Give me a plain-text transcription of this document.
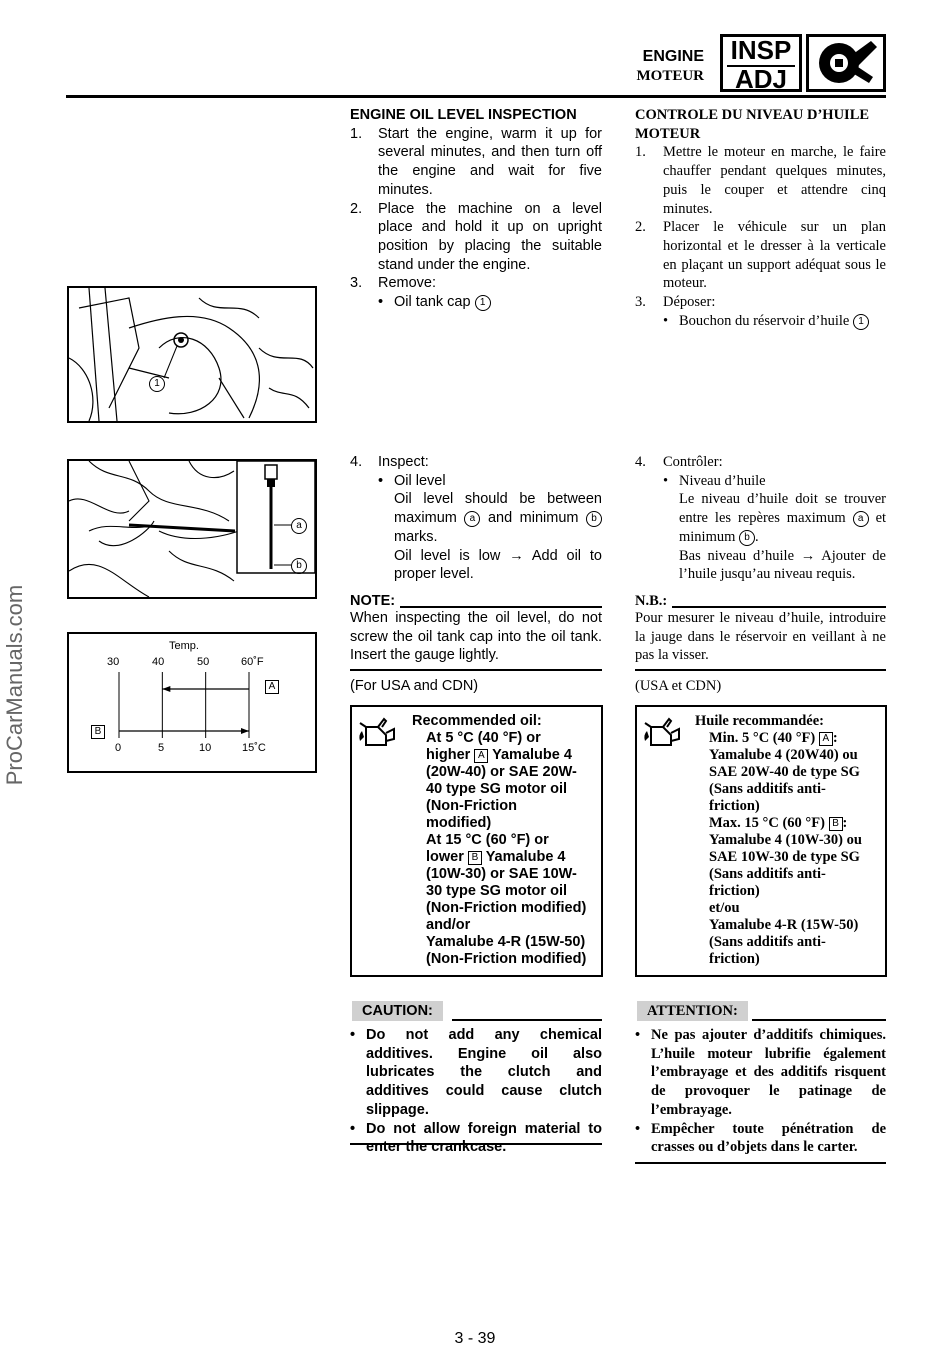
ENGINE
MOTEUR
INSP
ADJ
ProCarManuals.com
1
a
b
Temp.
30	40	50	60˚F
0	5	10	15˚C
A
B
ENGINE OIL LEVEL INSPECTION
1. Start the engine, warm it up for several minutes, and then turn off the engine and wait for five minutes.
2. Place the machine on a level place and hold it up on upright position by placing the suitable stand under the engine.
3. Remove:
• Oil tank cap 1
4. Inspect:
• Oil level
Oil level should be between maximum a and minimum b marks.
Oil level is low → Add oil to proper level.
NOTE:
When inspecting the oil level, do not screw the oil tank cap into the oil tank. Insert the gauge lightly.
(For USA and CDN)
Recommended oil:
At 5 °C (40 °F) or
higher A Yamalube 4
(20W-40) or SAE 20W-
40 type SG motor oil
(Non-Friction
modified)
At 15 °C (60 °F) or
lower B Yamalube 4
(10W-30) or SAE 10W-
30 type SG motor oil
(Non-Friction modified)
and/or
Yamalube 4-R (15W-50)
(Non-Friction modified)
CAUTION:
• Do not add any chemical additives. Engine oil also lubricates the clutch and additives could cause clutch slippage.
• Do not allow foreign material to enter the crankcase.
CONTROLE DU NIVEAU D’HUILE
MOTEUR
1. Mettre le moteur en marche, le faire chauffer pendant quelques minutes, puis le couper et attendre cinq minutes.
2. Placer le véhicule sur un plan horizontal et le dresser à la verticale en plaçant un support adéquat sous le moteur.
3. Déposer:
• Bouchon du réservoir d’huile 1
4. Contrôler:
• Niveau d’huile
Le niveau d’huile doit se trouver entre les repères maximum a et minimum b .
Bas niveau d’huile → Ajouter de l’huile jusqu’au niveau requis.
N.B.:
Pour mesurer le niveau d’huile, introduire la jauge dans le réservoir en veillant à ne pas la visser.
(USA et CDN)
Huile recommandée:
Min. 5 °C (40 °F) A :
Yamalube 4 (20W40) ou
SAE 20W-40 de type SG
(Sans additifs anti-
friction)
Max. 15 °C (60 °F) B :
Yamalube 4 (10W-30) ou
SAE 10W-30 de type SG
(Sans additifs anti-
friction)
et/ou
Yamalube 4-R (15W-50)
(Sans additifs anti-
friction)
ATTENTION:
• Ne pas ajouter d’additifs chimiques. L’huile moteur lubrifie également l’embrayage et des additifs risquent de provoquer le patinage de l’embrayage.
• Empêcher toute pénétration de crasses ou d’objets dans le carter.
3 - 39
